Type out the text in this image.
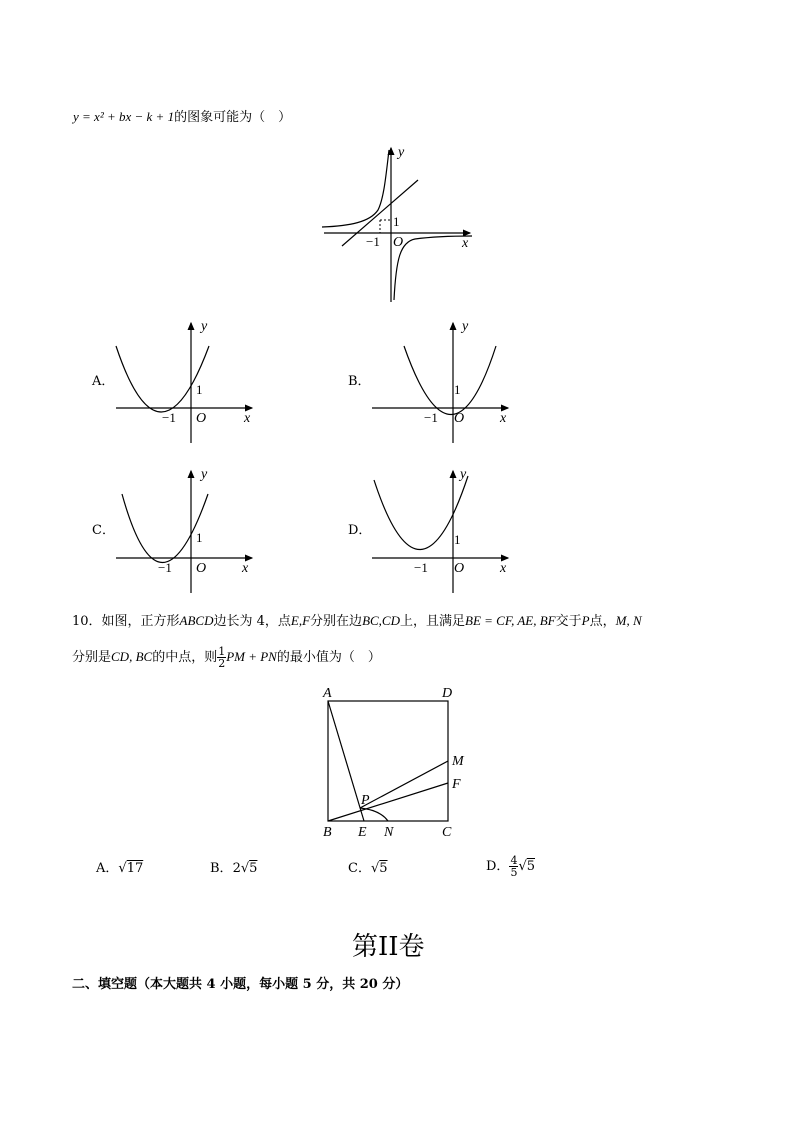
y = x² + bx − k + 1的图象可能为（　）
y
x
O
1
−1
A．
y
x
O
1
−1
B．
y
x
O
1
−1
C．
y
x
O
1
−1
D．
y
x
O
1
−1
10．如图，正方形ABCD边长为 4，点E,F分别在边BC,CD上，且满足BE = CF, AE, BF交于P点，M, N
分别是CD, BC的中点，则 $\frac{1}{2}$ PM + PN的最小值为（　）
A	D
M
F
P
B E N	C
A．√17	B．2√5	C．√5	D． $\frac{4}{5} √5$
第II卷
二、填空题（本大题共 4 小题，每小题 5 分，共 20 分）
